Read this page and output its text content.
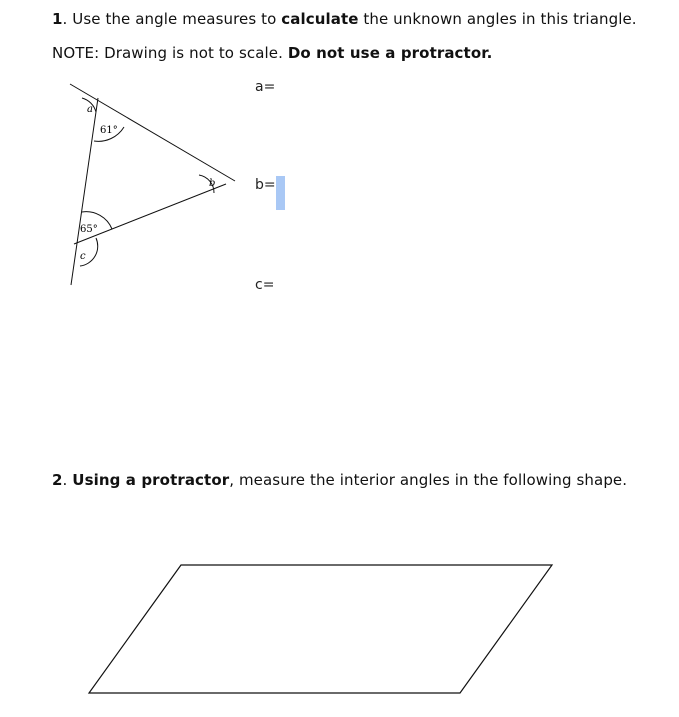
1. Use the angle measures to calculate the unknown angles in this triangle.
NOTE: Drawing is not to scale. Do not use a protractor.
a
61°
b
65°
c
a=
b=
c=
2. Using a protractor, measure the interior angles in the following shape.
